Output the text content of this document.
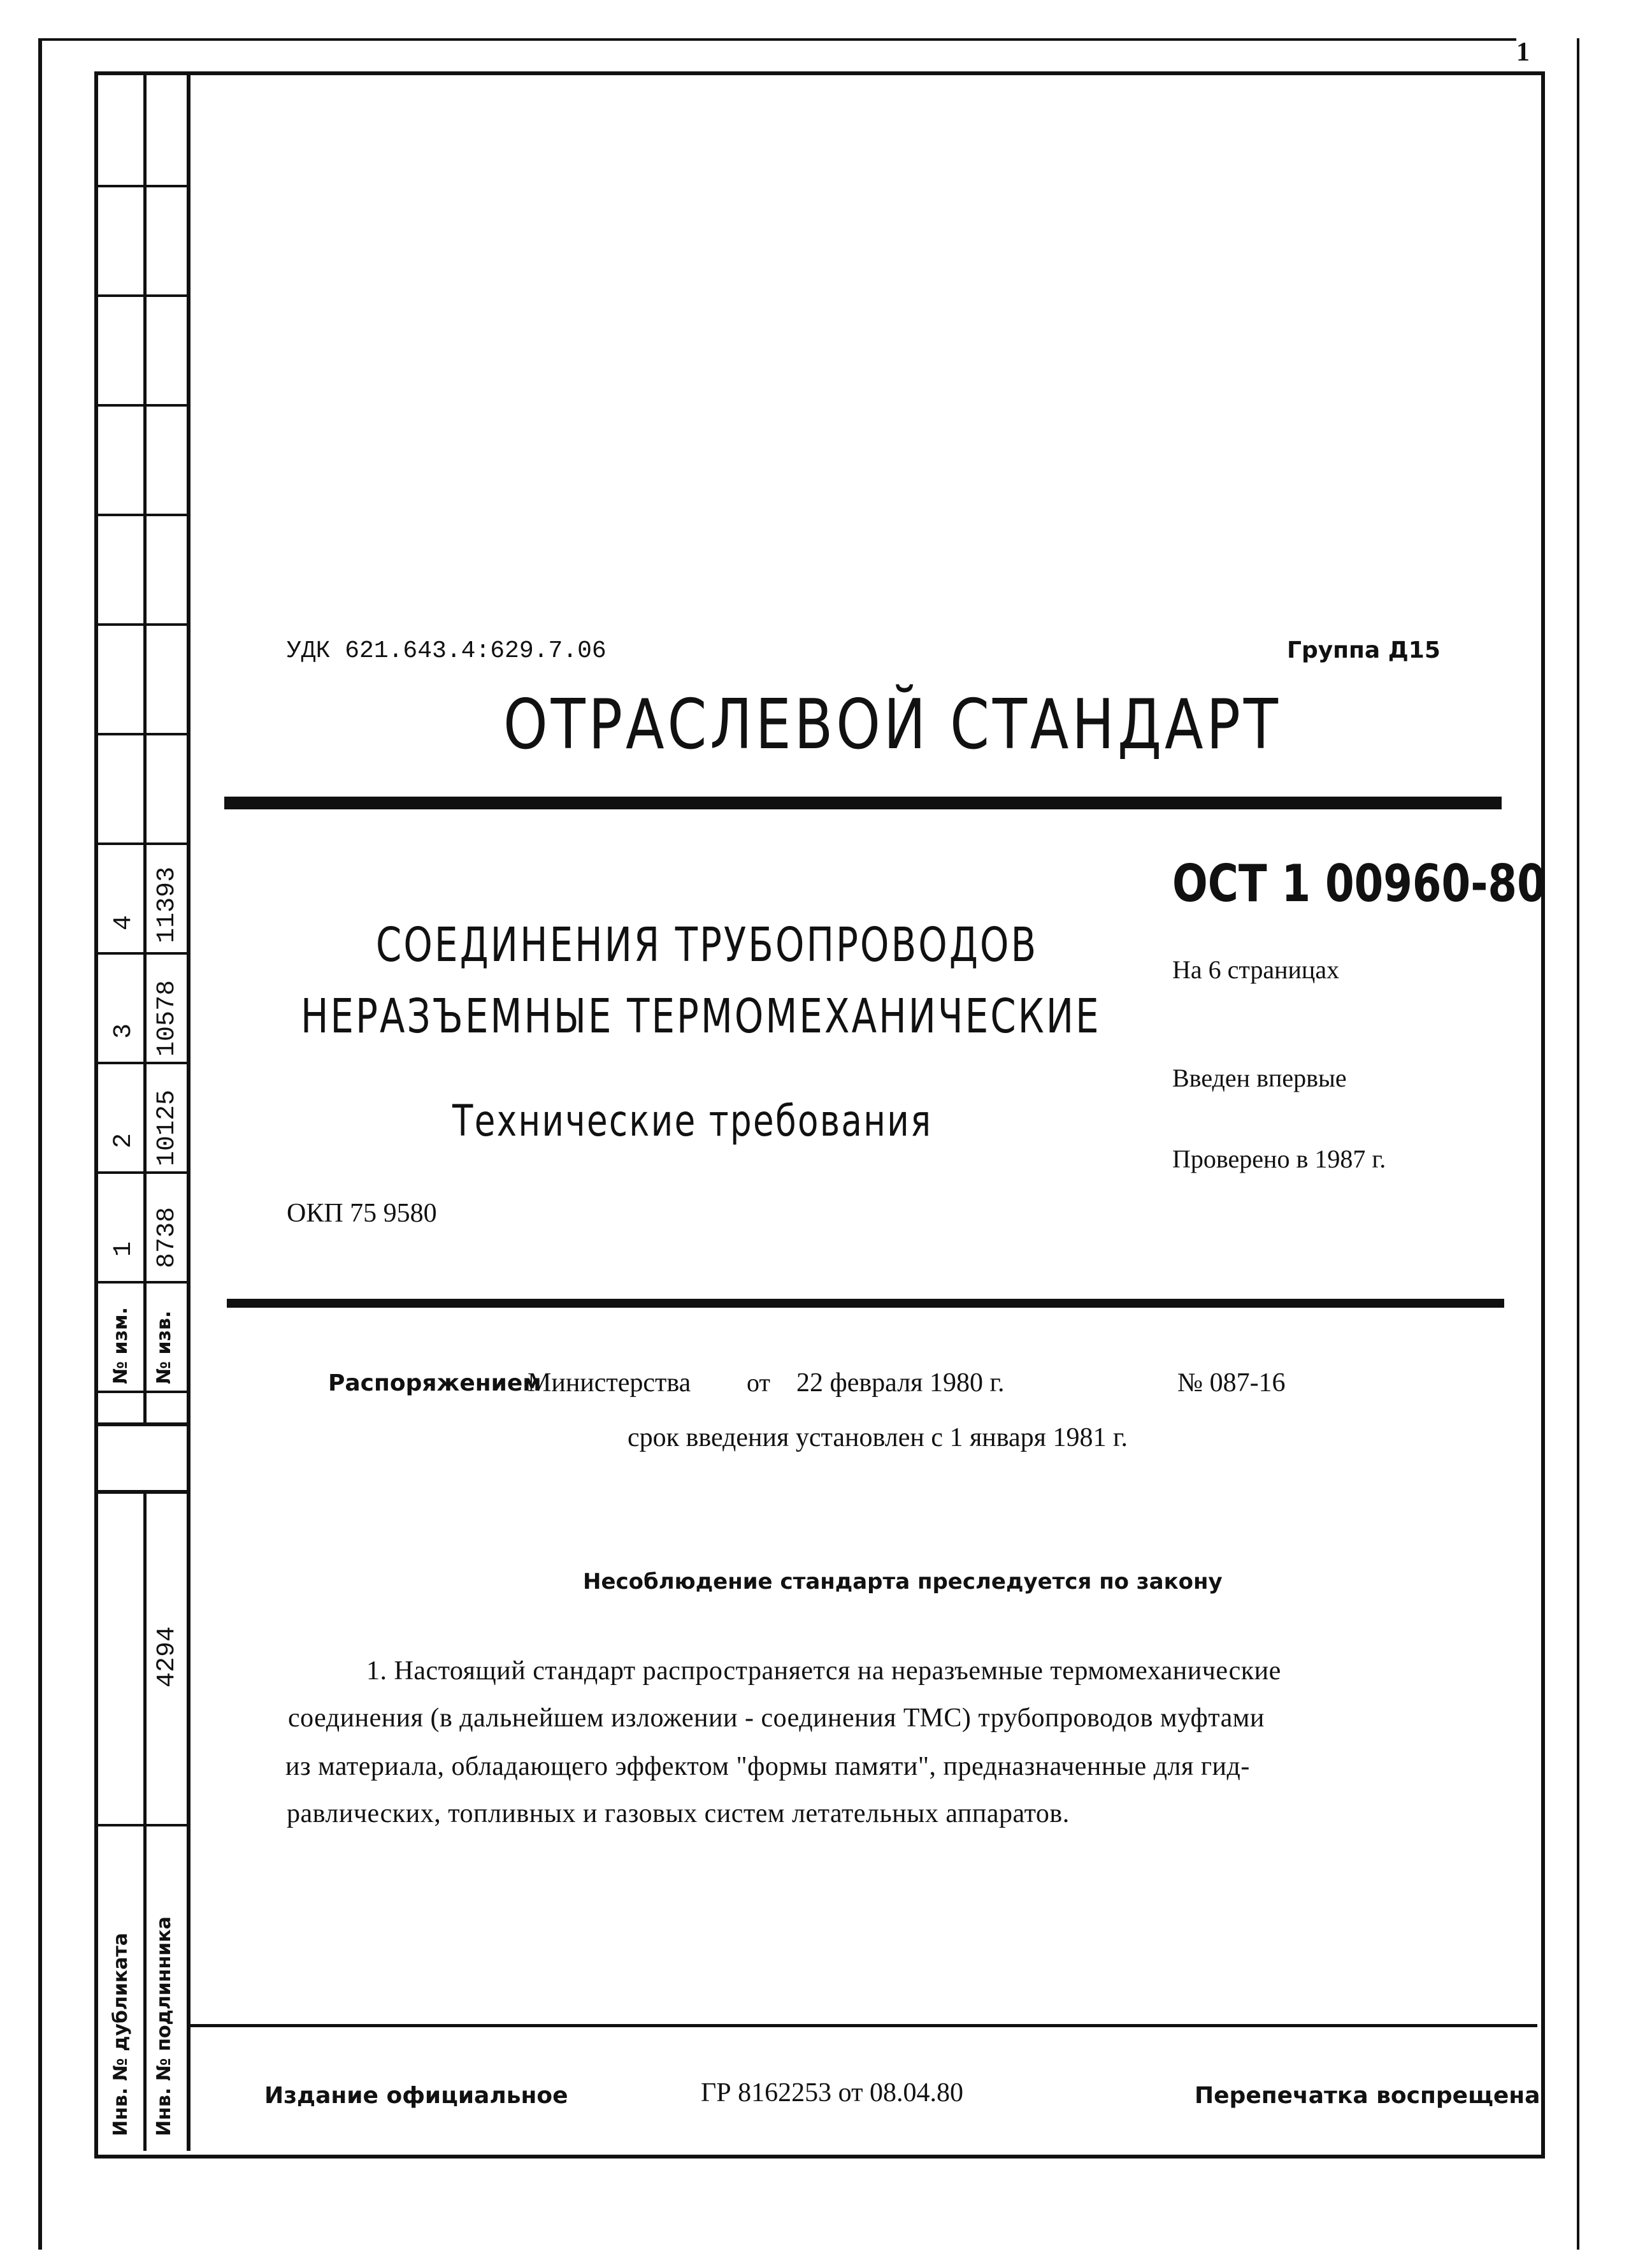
1
4 11393
3 10578
2 10125
1 8738
№ изм. № изв.
4294
Инв. № дубликата Инв. № подлинника
УДК 621.643.4:629.7.06	Группа Д15
ОТРАСЛЕВОЙ СТАНДАРТ
ОСТ 1 00960-80
СОЕДИНЕНИЯ ТРУБОПРОВОДОВ
НЕРАЗЪЕМНЫЕ ТЕРМОМЕХАНИЧЕСКИЕ
Технические требования
ОКП 75 9580
На 6 страницах
Введен впервые
Проверено в 1987 г.
Распоряжением
Министерства от 22 февраля 1980 г.	№ 087-16
срок введения установлен с 1 января 1981 г.
Несоблюдение стандарта преследуется по закону
1. Настоящий стандарт распространяется на неразъемные термомеханические
соединения (в дальнейшем изложении - соединения ТМС) трубопроводов муфтами
из материала, обладающего эффектом "формы памяти", предназначенные для гид-
равлических, топливных и газовых систем летательных аппаратов.
Издание официальное	ГР 8162253 от 08.04.80	Перепечатка воспрещена
